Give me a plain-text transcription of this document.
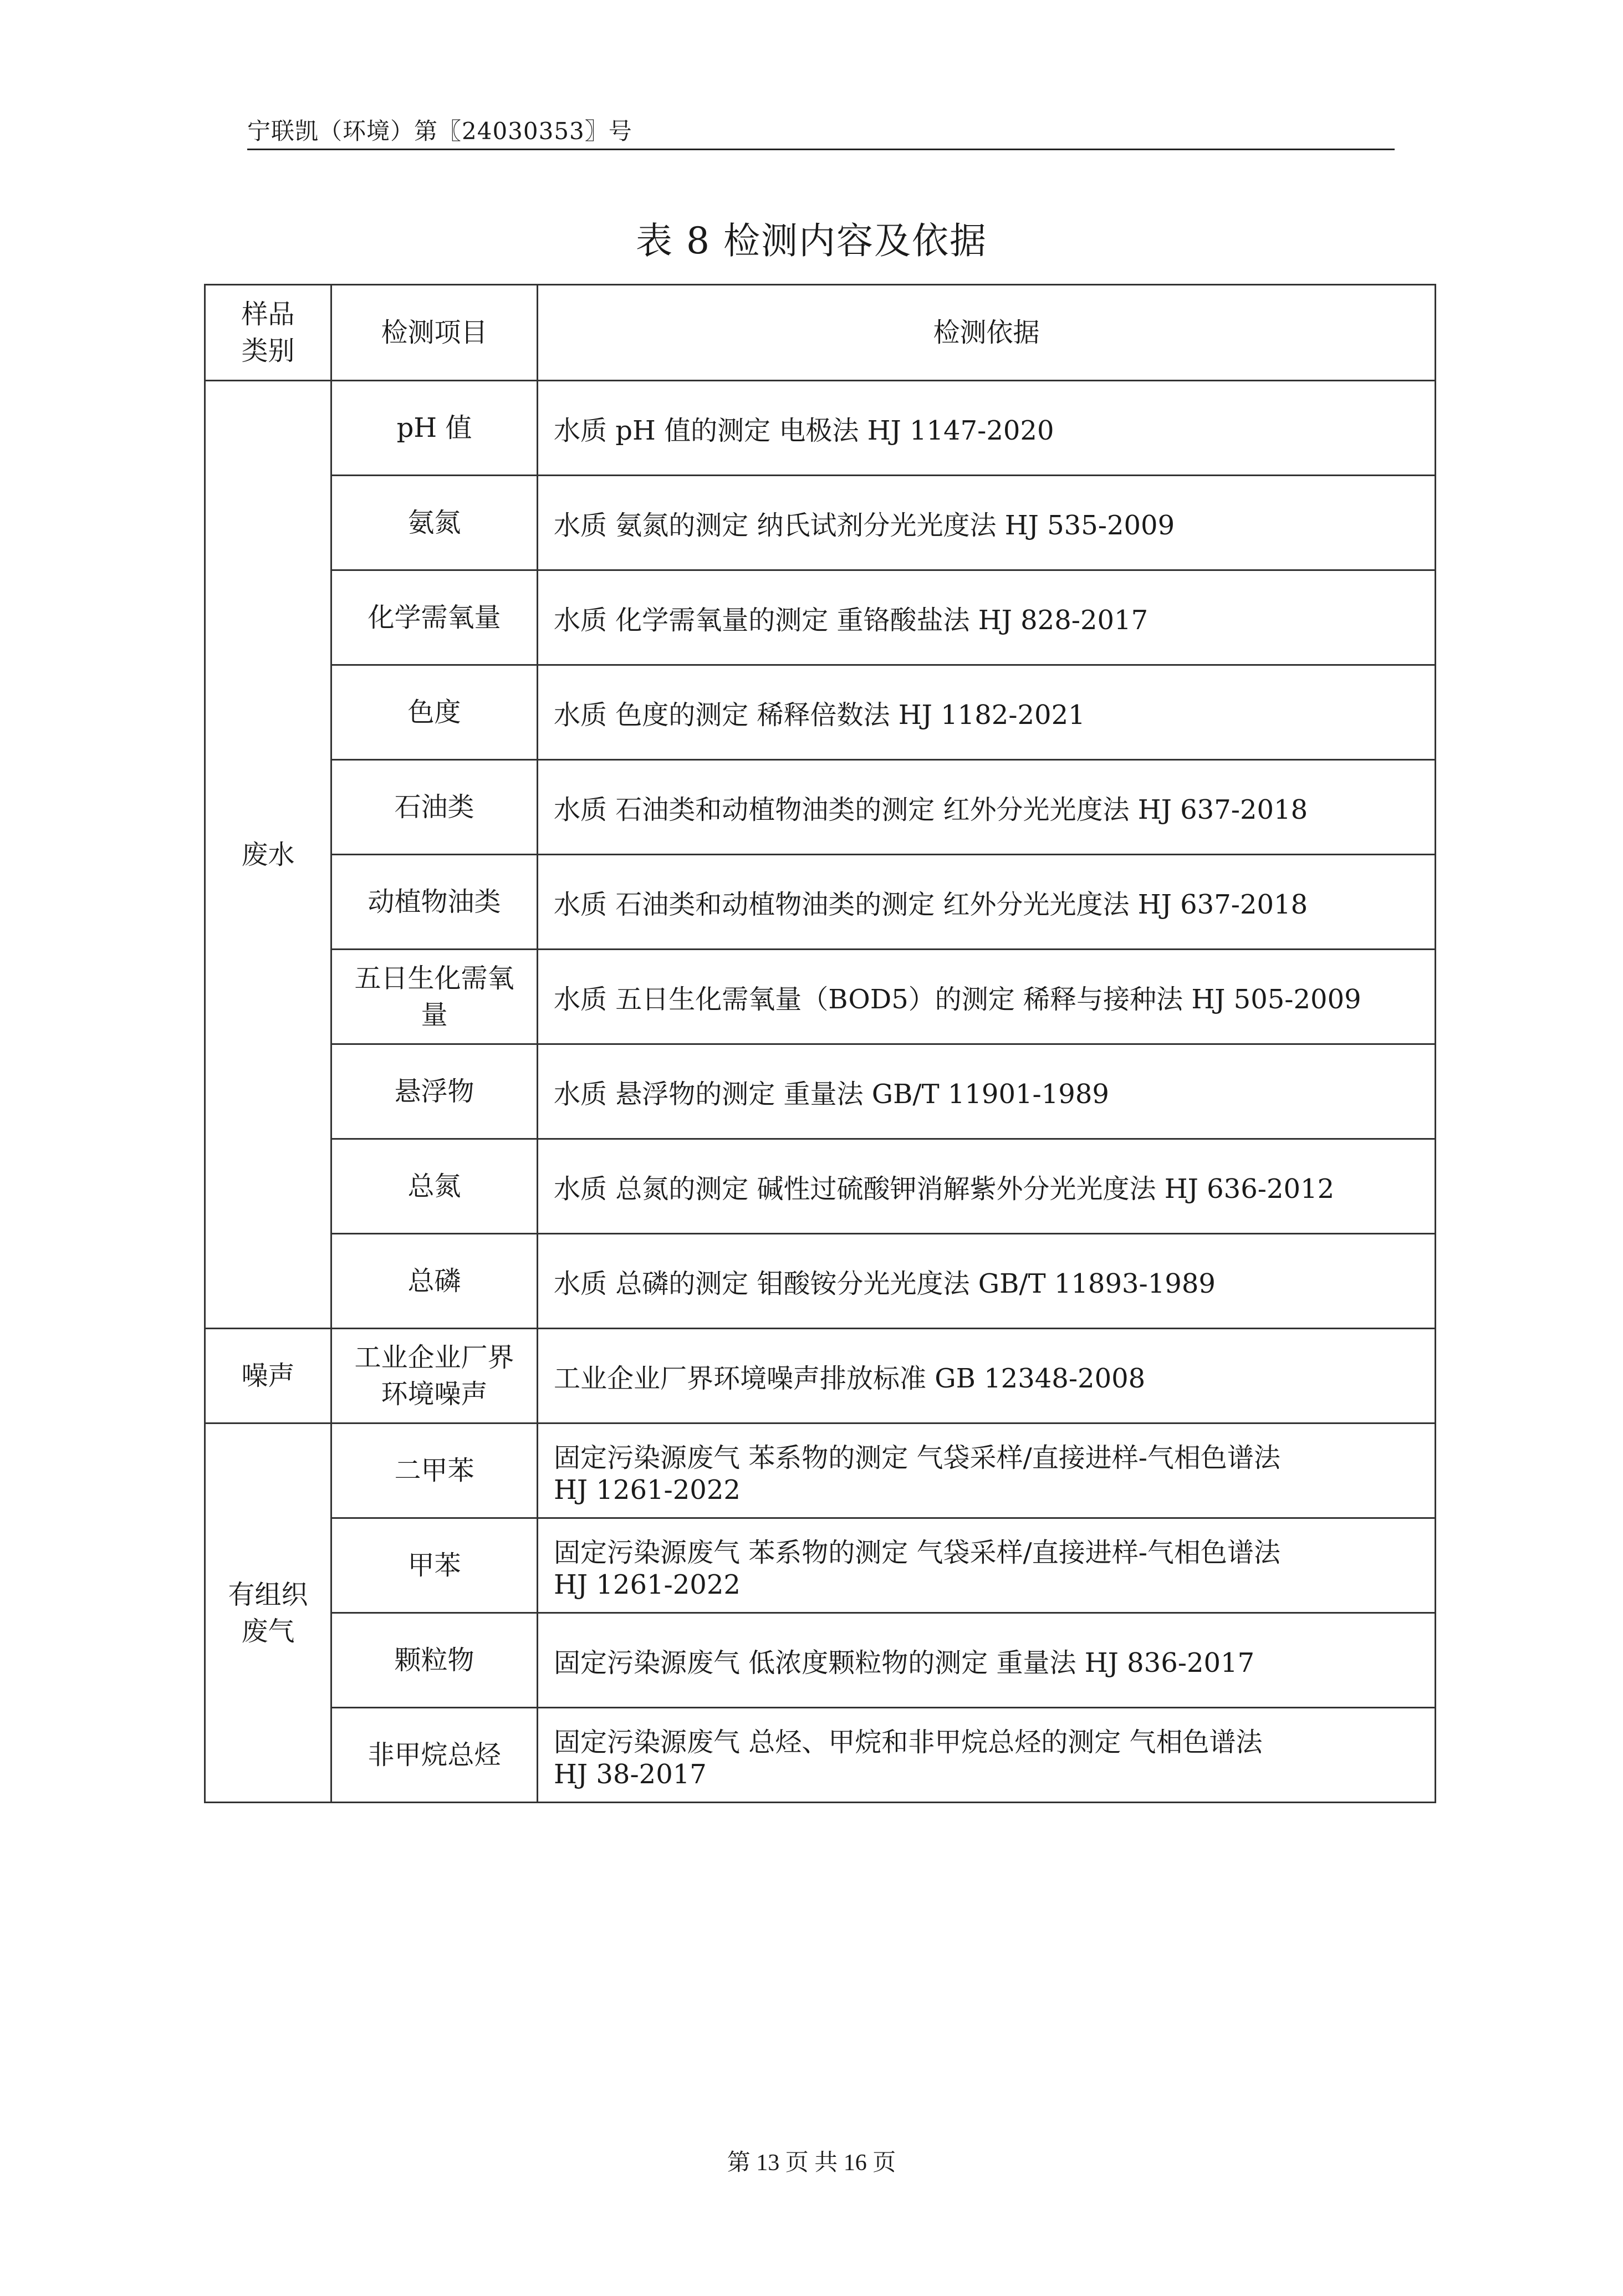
宁联凯（环境）第〖24030353〗号
表 8 检测内容及依据
样品
类别	检测项目	检测依据
废水	pH 值	水质 pH 值的测定 电极法 HJ 1147-2020
	氨氮	水质 氨氮的测定 纳氏试剂分光光度法 HJ 535-2009
	化学需氧量	水质 化学需氧量的测定 重铬酸盐法 HJ 828-2017
	色度	水质 色度的测定 稀释倍数法 HJ 1182-2021
	石油类	水质 石油类和动植物油类的测定 红外分光光度法 HJ 637-2018
	动植物油类	水质 石油类和动植物油类的测定 红外分光光度法 HJ 637-2018
	五日生化需氧量	水质 五日生化需氧量（BOD5）的测定 稀释与接种法 HJ 505-2009
	悬浮物	水质 悬浮物的测定 重量法 GB/T 11901-1989
	总氮	水质 总氮的测定 碱性过硫酸钾消解紫外分光光度法 HJ 636-2012
	总磷	水质 总磷的测定 钼酸铵分光光度法 GB/T 11893-1989
噪声	工业企业厂界环境噪声	工业企业厂界环境噪声排放标准 GB 12348-2008
有组织废气	二甲苯	固定污染源废气 苯系物的测定 气袋采样/直接进样-气相色谱法
HJ 1261-2022
	甲苯	固定污染源废气 苯系物的测定 气袋采样/直接进样-气相色谱法
HJ 1261-2022
	颗粒物	固定污染源废气 低浓度颗粒物的测定 重量法 HJ 836-2017
	非甲烷总烃	固定污染源废气 总烃、甲烷和非甲烷总烃的测定 气相色谱法
HJ 38-2017
第 13 页 共 16 页
